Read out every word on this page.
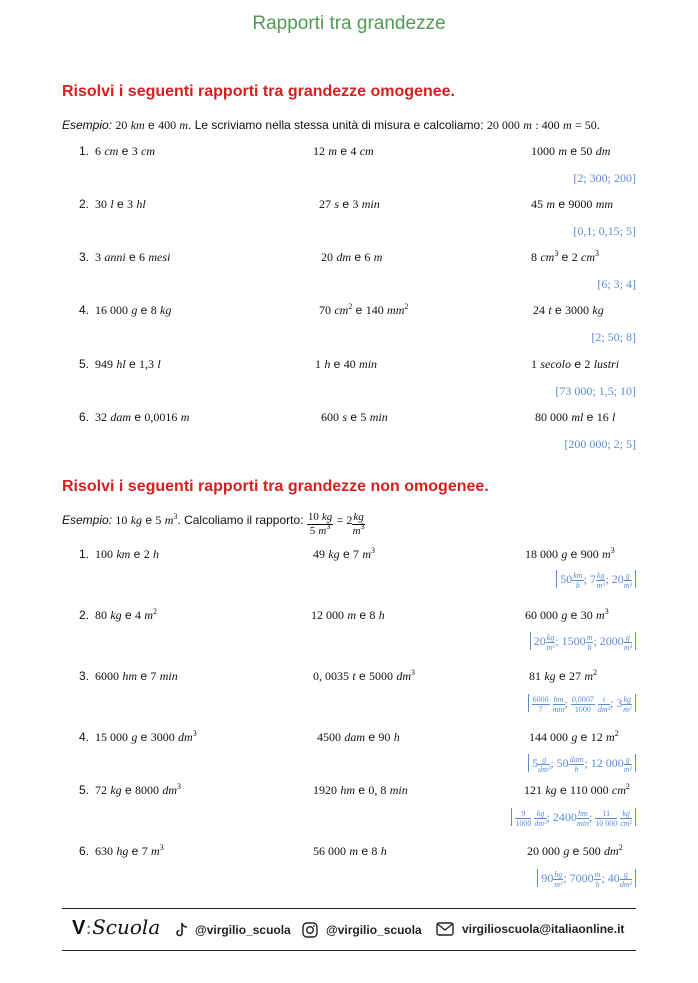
Rapporti tra grandezze
Risolvi i seguenti rapporti tra grandezze omogenee.
Esempio: 20 km e 400 m. Le scriviamo nella stessa unità di misura e calcoliamo: 20 000 m : 400 m = 50.
1. 6 cm e 3 cm	12 m e 4 cm	1000 m e 50 dm
[2; 300; 200]
2. 30 l e 3 hl	27 s e 3 min	45 m e 9000 mm
[0,1; 0,15; 5]
3. 3 anni e 6 mesi	20 dm e 6 m	8 $cm^3$ e 2 $cm^3$
[6; 3; 4]
4. 16 000 g e 8 kg	70 $cm^2$ e 140 $mm^2$	24 t e 3000 kg
[2; 50; 8]
5. 949 hl e 1,3 l	1 h e 40 min	1 secolo e 2 lustri
[73 000; 1,5; 10]
6. 32 dam e 0,0016 m	600 s e 5 min	80 000 ml e 16 l
[200 000; 2; 5]
Risolvi i seguenti rapporti tra grandezze non omogenee.
Esempio: 10 kg e 5 $m^3$. Calcoliamo il rapporto: $\frac{10 kg}{5 m^3} = 2 \frac{kg}{m^3}$
1. 100 km e 2 h	49 kg e 7 $m^3$	18 000 g e 900 $m^3$
$50 \frac{km}{h}$ ; $7 \frac{kg}{\text{m³}}$ ; $20 \frac{g}{\text{m³}}$
2. 80 kg e 4 $m^2$	12 000 m e 8 h	60 000 g e 30 $m^3$
$20 \frac{kg}{\text{m²}}$ ; $1500 \frac{m}{h}$ ; $2000 \frac{g}{\text{m³}}$
3. 6000 hm e 7 min	0, 0035 t e 5000 $dm^3$	81 kg e 27 $m^2$
$\frac{6000}{7}$
hm
min ; $\frac{0,0007}{1000}$
$\frac{t}{\text{dm³}}$ ; $3 \frac{kg}{\text{m²}}$
4. 15 000 g e 3000 $dm^3$	4500 dam e 90 h	144 000 g e 12 $m^2$
$5 \frac{g}{\text{dm³}}$ ; 50 dam
h ; 12 $000 \frac{g}{\text{m²}}$
5. 72 kg e 8000 $dm^3$	1920 hm e 0, 8 min	121 kg e 110 000 $cm^2$
$\frac{9}{1000}$
$\frac{kg}{\text{dm³}}$ ; 2400 hm
min ; $\frac{11}{10 000}$
$\frac{kg}{\text{cm²}}$
6. 630 hg e 7 $m^3$	56 000 m e 8 h	20 000 g e 500 $dm^2$
$90 \frac{hg}{\text{m³}}$ ; $7000 \frac{m}{h}$ ; $40 \frac{g}{\text{dm²}}$
V:Scuola	@virgilio_scuola	@virgilio_scuola	virgilioscuola@italiaonline.it
